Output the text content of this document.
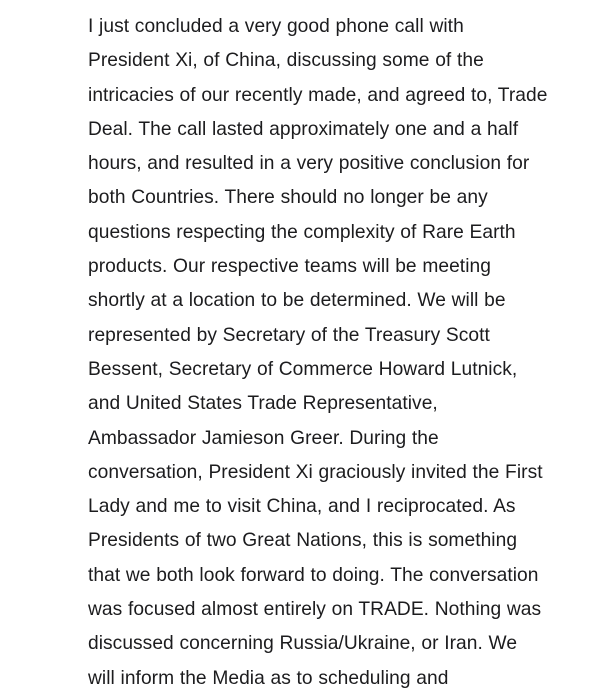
I just concluded a very good phone call with President Xi, of China, discussing some of the intricacies of our recently made, and agreed to, Trade Deal. The call lasted approximately one and a half hours, and resulted in a very positive conclusion for both Countries. There should no longer be any questions respecting the complexity of Rare Earth products. Our respective teams will be meeting shortly at a location to be determined. We will be represented by Secretary of the Treasury Scott Bessent, Secretary of Commerce Howard Lutnick, and United States Trade Representative, Ambassador Jamieson Greer. During the conversation, President Xi graciously invited the First Lady and me to visit China, and I reciprocated. As Presidents of two Great Nations, this is something that we both look forward to doing. The conversation was focused almost entirely on TRADE. Nothing was discussed concerning Russia/Ukraine, or Iran. We will inform the Media as to scheduling and
